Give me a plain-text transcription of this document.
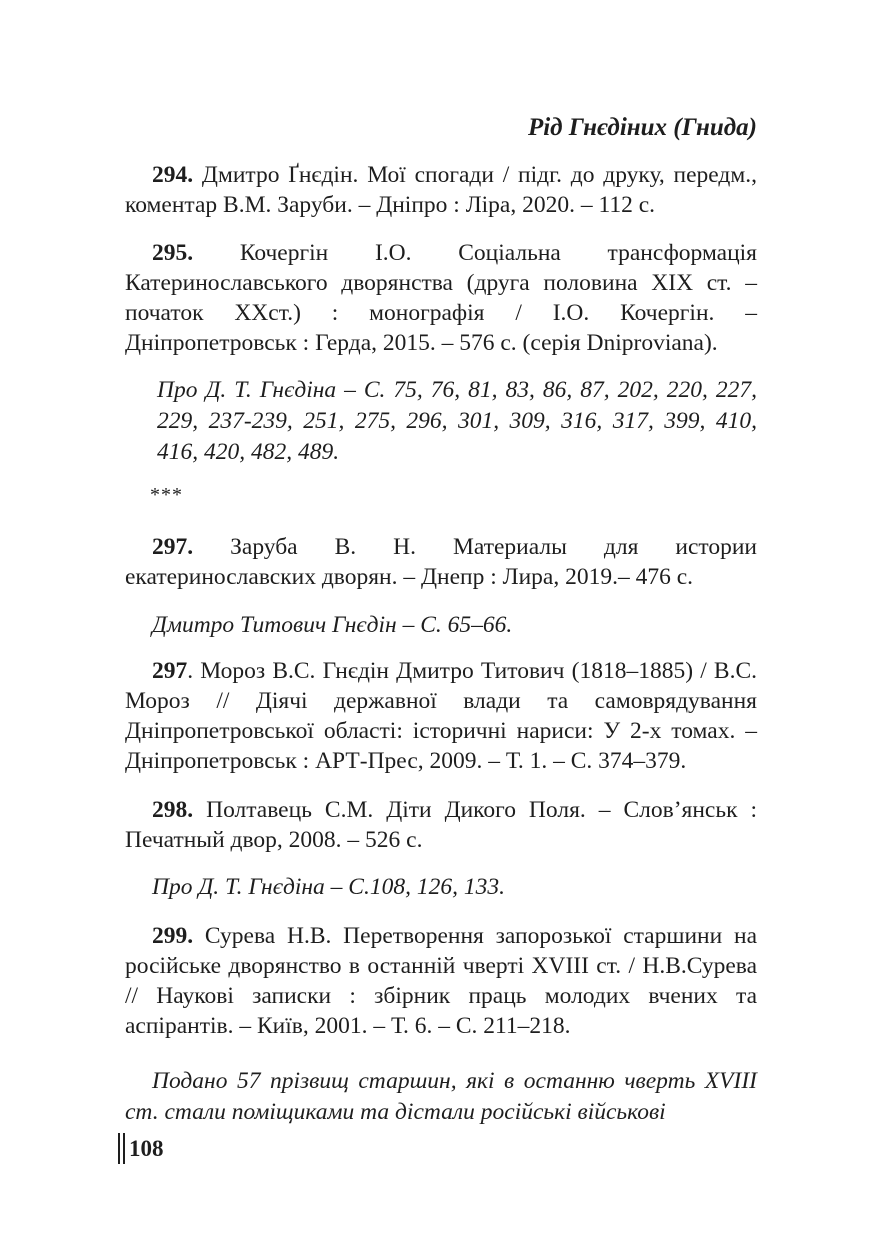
Рід Гнєдіних (Гнида)
294. Дмитро Ґнєдін. Мої спогади / підг. до друку, передм., коментар В.М. Заруби. – Дніпро : Ліра, 2020. – 112 с.
295. Кочергін І.О. Соціальна трансформація Катеринославського дворянства (друга половина ХІХ ст. – початок ХХст.) : монографія / І.О. Кочергін. – Дніпропетровськ : Герда, 2015. – 576 с. (серія Dniproviana).
Про Д. Т. Гнєдіна – С. 75, 76, 81, 83, 86, 87, 202, 220, 227, 229, 237-239, 251, 275, 296, 301, 309, 316, 317, 399, 410, 416, 420, 482, 489.
***
297. Заруба В. Н. Материалы для истории екатеринославских дворян. – Днепр : Лира, 2019.– 476 с.
Дмитро Титович Гнєдін – С. 65–66.
297. Мороз В.С. Гнєдін Дмитро Титович (1818–1885) / В.С. Мороз // Діячі державної влади та самоврядування Дніпропетровської області: історичні нариси: У 2-х томах. – Дніпропетровськ : АРТ-Прес, 2009. – Т. 1. – С. 374–379.
298. Полтавець С.М. Діти Дикого Поля. – Слов’янськ : Печатный двор, 2008. – 526 с.
Про Д. Т. Гнєдіна – С.108, 126, 133.
299. Сурева Н.В. Перетворення запорозької старшини на російське дворянство в останній чверті XVIII ст. / Н.В.Сурева // Наукові записки : збірник праць молодих вчених та аспірантів. – Київ, 2001. – Т. 6. – С. 211–218.
Подано 57 прізвищ старшин, які в останню чверть XVIII ст. стали поміщиками та дістали російські військові
108
